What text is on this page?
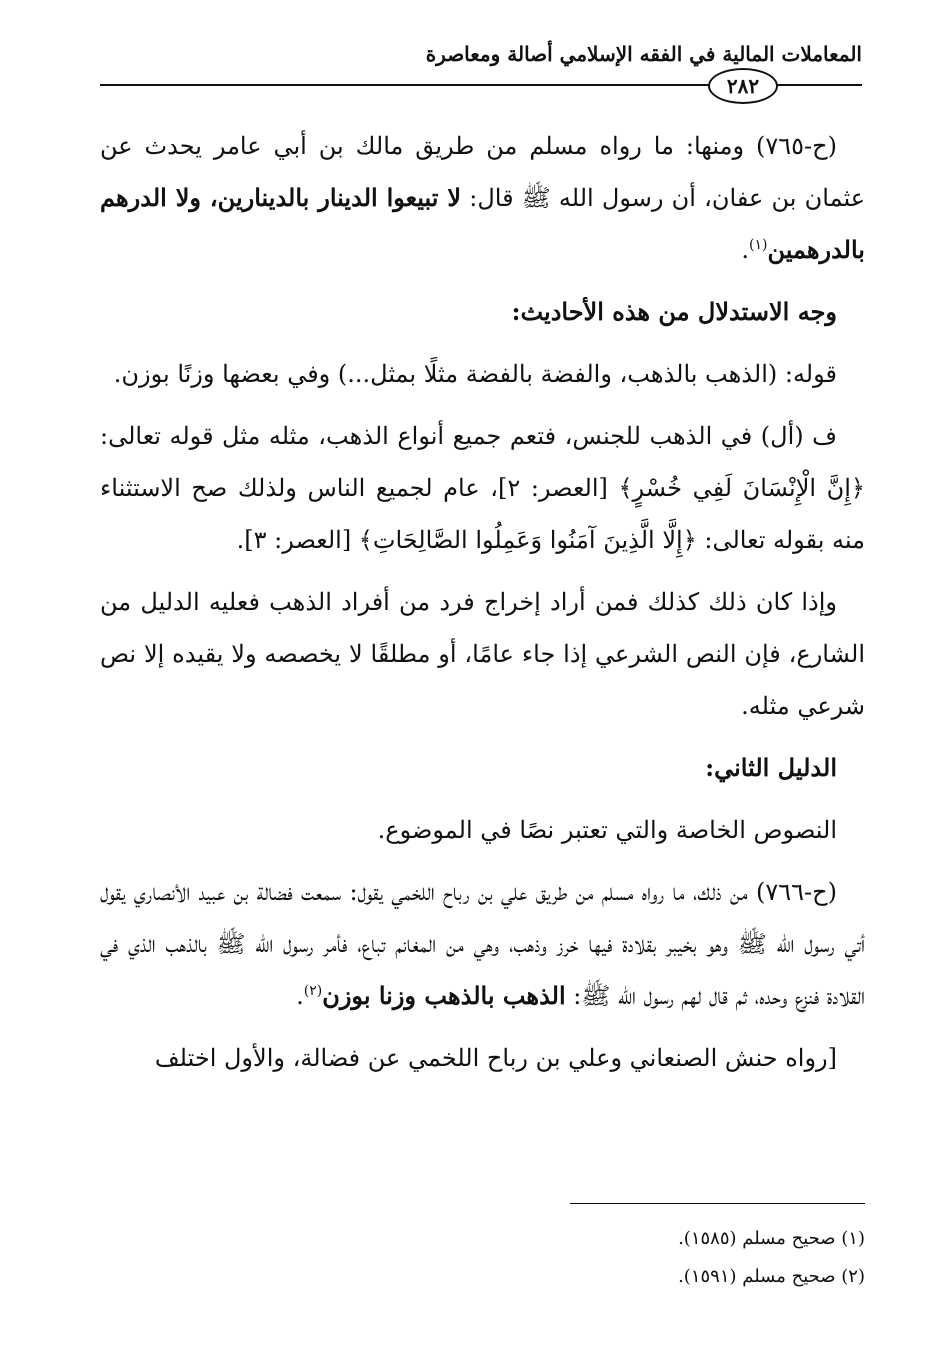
المعاملات المالية في الفقه الإسلامي أصالة ومعاصرة
٢٨٢

(ح-٧٦٥) ومنها: ما رواه مسلم من طريق مالك بن أبي عامر يحدث عن عثمان بن عفان، أن رسول الله ﷺ قال: لا تبيعوا الدينار بالدينارين، ولا الدرهم بالدرهمين$^{(١)}$.

وجه الاستدلال من هذه الأحاديث:

قوله: (الذهب بالذهب، والفضة بالفضة مثلًا بمثل...) وفي بعضها وزنًا بوزن.

ف (أل) في الذهب للجنس، فتعم جميع أنواع الذهب، مثله مثل قوله تعالى: ﴿إِنَّ الْإِنْسَانَ لَفِي خُسْرٍ﴾ [العصر: ٢]، عام لجميع الناس ولذلك صح الاستثناء منه بقوله تعالى: ﴿إِلَّا الَّذِينَ آمَنُوا وَعَمِلُوا الصَّالِحَاتِ﴾ [العصر: ٣].

وإذا كان ذلك كذلك فمن أراد إخراج فرد من أفراد الذهب فعليه الدليل من الشارع، فإن النص الشرعي إذا جاء عامًا، أو مطلقًا لا يخصصه ولا يقيده إلا نص شرعي مثله.

الدليل الثاني:

النصوص الخاصة والتي تعتبر نصًا في الموضوع.

(ح-٧٦٦) من ذلك، ما رواه مسلم من طريق علي بن رباح اللخمي يقول: سمعت فضالة بن عبيد الأنصاري يقول أتي رسول الله ﷺ وهو بخيبر بقلادة فيها خرز وذهب، وهي من المغانم تباع، فأمر رسول الله ﷺ بالذهب الذي في القلادة فنزع وحده، ثم قال لهم رسول الله ﷺ: الذهب بالذهب وزنا بوزن$^{(٢)}$.

[رواه حنش الصنعاني وعلي بن رباح اللخمي عن فضالة، والأول اختلف

(١) صحيح مسلم (١٥٨٥).
(٢) صحيح مسلم (١٥٩١).
